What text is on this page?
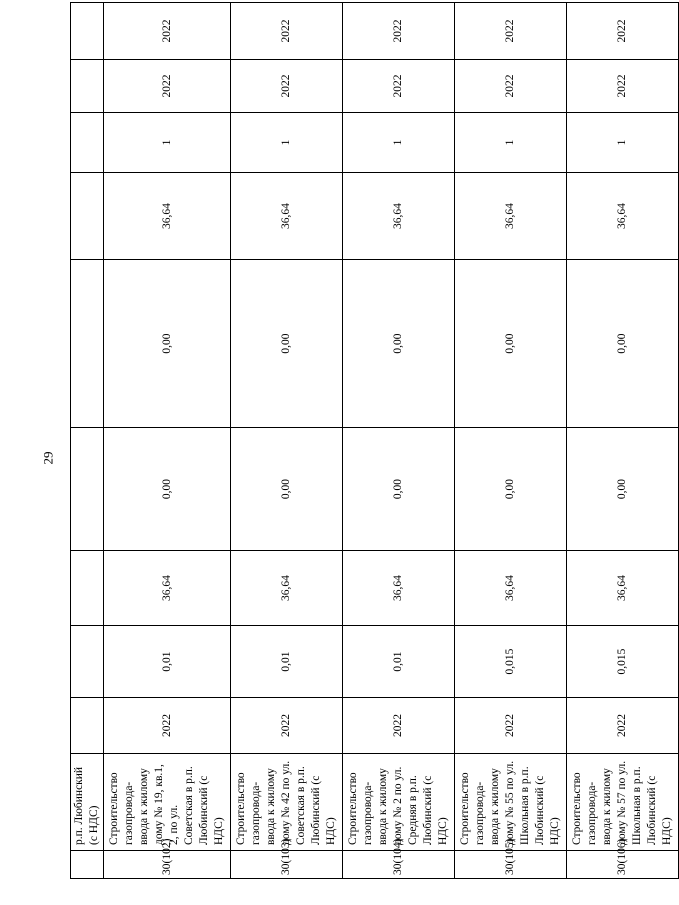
29
	р.п. Любинский (с НДС)									
30(102)	Строительство газопровода-ввода к жилому дому № 19, кв.1, 2, по ул. Советская в р.п. Любинский (с НДС)	2022	0,01	36,64	0,00	0,00	36,64	1	2022	2022
30(103)	Строительство газопровода-ввода к жилому дому № 42 по ул. Советская в р.п. Любинский (с НДС)	2022	0,01	36,64	0,00	0,00	36,64	1	2022	2022
30(104)	Строительство газопровода-ввода к жилому дому № 2 по ул. Средняя в р.п. Любинский (с НДС)	2022	0,01	36,64	0,00	0,00	36,64	1	2022	2022
30(105)	Строительство газопровода-ввода к жилому дому № 55 по ул. Школьная в р.п. Любинский (с НДС)	2022	0,015	36,64	0,00	0,00	36,64	1	2022	2022
30(106)	Строительство газопровода-ввода к жилому дому № 57 по ул. Школьная в р.п. Любинский (с НДС)	2022	0,015	36,64	0,00	0,00	36,64	1	2022	2022
